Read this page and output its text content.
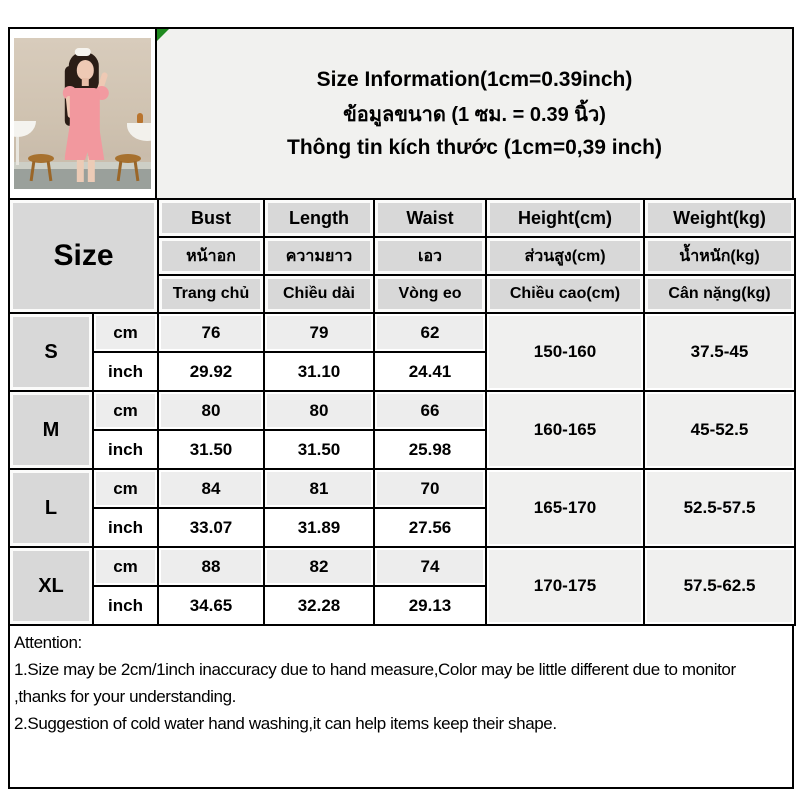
Size Information(1cm=0.39inch)
ข้อมูลขนาด (1 ซม. = 0.39 นิ้ว)
Thông tin kích thước (1cm=0,39 inch)
Size		Bust	Length	Waist	Height(cm)	Weight(kg)
		หน้าอก	ความยาว	เอว	ส่วนสูง(cm)	น้ำหนัก(kg)
		Trang chủ	Chiều dài	Vòng eo	Chiều cao(cm)	Cân nặng(kg)
S	cm	76	79	62	150-160	37.5-45
	inch	29.92	31.10	24.41		
M	cm	80	80	66	160-165	45-52.5
	inch	31.50	31.50	25.98		
L	cm	84	81	70	165-170	52.5-57.5
	inch	33.07	31.89	27.56		
XL	cm	88	82	74	170-175	57.5-62.5
	inch	34.65	32.28	29.13		

Attention:

1.Size may be 2cm/1inch inaccuracy due to hand measure,Color may be little different due to monitor ,thanks for your understanding.

2.Suggestion of cold water hand washing,it can help items keep their shape.
